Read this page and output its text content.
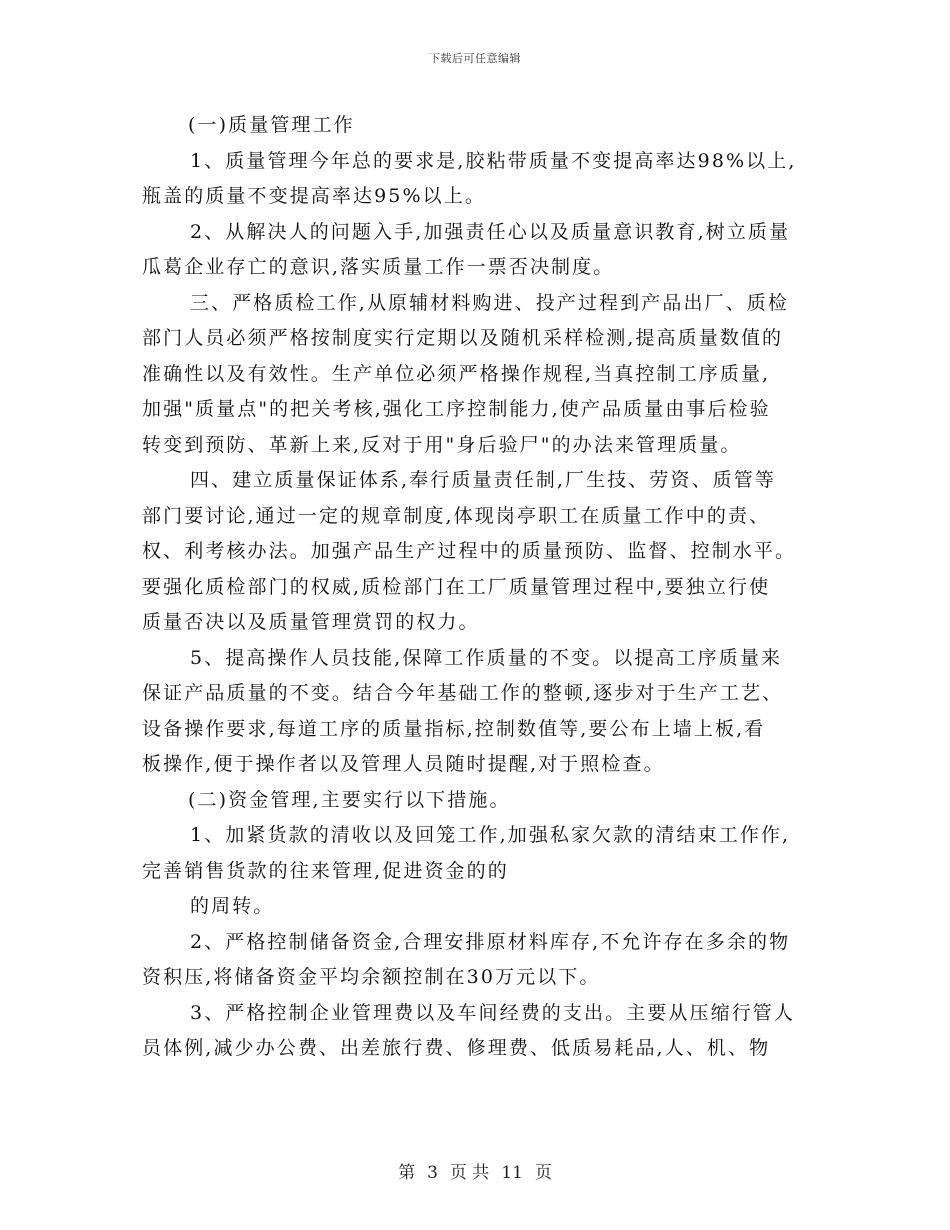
下载后可任意编辑
(一)质量管理工作
1、质量管理今年总的要求是,胶粘带质量不变提高率达98%以上,
瓶盖的质量不变提高率达95%以上。
2、从解决人的问题入手,加强责任心以及质量意识教育,树立质量
瓜葛企业存亡的意识,落实质量工作一票否决制度。
三、严格质检工作,从原辅材料购进、投产过程到产品出厂、质检
部门人员必须严格按制度实行定期以及随机采样检测,提高质量数值的
准确性以及有效性。生产单位必须严格操作规程,当真控制工序质量,
加强"质量点"的把关考核,强化工序控制能力,使产品质量由事后检验
转变到预防、革新上来,反对于用"身后验尸"的办法来管理质量。
四、建立质量保证体系,奉行质量责任制,厂生技、劳资、质管等
部门要讨论,通过一定的规章制度,体现岗亭职工在质量工作中的责、
权、利考核办法。加强产品生产过程中的质量预防、监督、控制水平。
要强化质检部门的权威,质检部门在工厂质量管理过程中,要独立行使
质量否决以及质量管理赏罚的权力。
5、提高操作人员技能,保障工作质量的不变。以提高工序质量来
保证产品质量的不变。结合今年基础工作的整顿,逐步对于生产工艺、
设备操作要求,每道工序的质量指标,控制数值等,要公布上墙上板,看
板操作,便于操作者以及管理人员随时提醒,对于照检查。
(二)资金管理,主要实行以下措施。
1、加紧货款的清收以及回笼工作,加强私家欠款的清结束工作作,
完善销售货款的往来管理,促进资金的的
的周转。
2、严格控制储备资金,合理安排原材料库存,不允许存在多余的物
资积压,将储备资金平均余额控制在30万元以下。
3、严格控制企业管理费以及车间经费的支出。主要从压缩行管人
员体例,减少办公费、出差旅行费、修理费、低质易耗品,人、机、物
第 3 页 共 11 页
